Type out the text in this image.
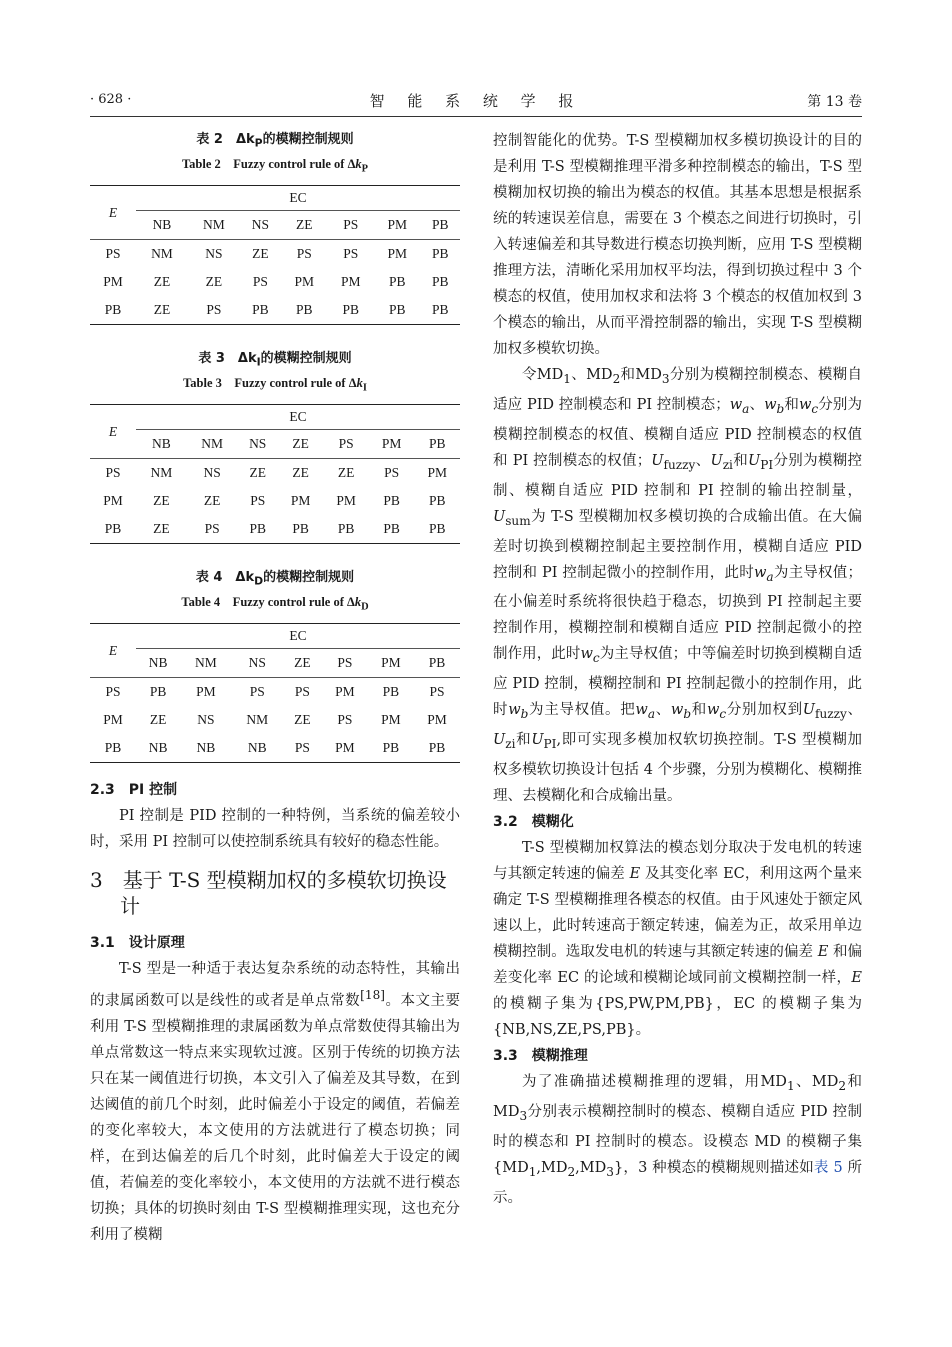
· 628 ·	智 能 系 统 学 报	第 13 卷

表 2　$\Delta k_P$的模糊控制规则

Table 2　Fuzzy control rule of $\Delta k_P$

E	EC						
	NB	NM	NS	ZE	PS	PM	PB
PS	NM	NS	ZE	PS	PS	PM	PB
PM	ZE	ZE	PS	PM	PM	PB	PB
PB	ZE	PS	PB	PB	PB	PB	PB

表 3　$\Delta k_I$的模糊控制规则

Table 3　Fuzzy control rule of $\Delta k_I$

E	EC						
	NB	NM	NS	ZE	PS	PM	PB
PS	NM	NS	ZE	ZE	ZE	PS	PM
PM	ZE	ZE	PS	PM	PM	PB	PB
PB	ZE	PS	PB	PB	PB	PB	PB

表 4　$\Delta k_D$的模糊控制规则

Table 4　Fuzzy control rule of $\Delta k_D$

E	EC						
	NB	NM	NS	ZE	PS	PM	PB
PS	PB	PM	PS	PS	PM	PB	PS
PM	ZE	NS	NM	ZE	PS	PM	PM
PB	NB	NB	NB	PS	PM	PB	PB

2.3　PI 控制

PI 控制是 PID 控制的一种特例，当系统的偏差较小时，采用 PI 控制可以使控制系统具有较好的稳态性能。

3　基于 T-S 型模糊加权的多模软切换设计

3.1　设计原理

T-S 型是一种适于表达复杂系统的动态特性，其输出的隶属函数可以是线性的或者是单点常数[18]。本文主要利用 T-S 型模糊推理的隶属函数为单点常数使得其输出为单点常数这一特点来实现软过渡。区别于传统的切换方法只在某一阈值进行切换，本文引入了偏差及其导数，在到达阈值的前几个时刻，此时偏差小于设定的阈值，若偏差的变化率较大，本文使用的方法就进行了模态切换；同样，在到达偏差的后几个时刻，此时偏差大于设定的阈值，若偏差的变化率较小，本文使用的方法就不进行模态切换；具体的切换时刻由 T-S 型模糊推理实现，这也充分利用了模糊

控制智能化的优势。T-S 型模糊加权多模切换设计的目的是利用 T-S 型模糊推理平滑多种控制模态的输出，T-S 型模糊加权切换的输出为模态的权值。其基本思想是根据系统的转速误差信息，需要在 3 个模态之间进行切换时，引入转速偏差和其导数进行模态切换判断，应用 T-S 型模糊推理方法，清晰化采用加权平均法，得到切换过程中 3 个模态的权值，使用加权求和法将 3 个模态的权值加权到 3 个模态的输出，从而平滑控制器的输出，实现 T-S 型模糊加权多模软切换。

令$MD_1$、$MD_2$和$MD_3$分别为模糊控制模态、模糊自适应 PID 控制模态和 PI 控制模态；$w_a$、$w_b$和$w_c$分别为模糊控制模态的权值、模糊自适应 PID 控制模态的权值和 PI 控制模态的权值；$U_{fuzzy}$、$U_{zi}$和$U_{PI}$分别为模糊控制、模糊自适应 PID 控制和 PI 控制的输出控制量，$U_{sum}$为 T-S 型模糊加权多模切换的合成输出值。在大偏差时切换到模糊控制起主要控制作用，模糊自适应 PID 控制和 PI 控制起微小的控制作用，此时$w_a$为主导权值；在小偏差时系统将很快趋于稳态，切换到 PI 控制起主要控制作用，模糊控制和模糊自适应 PID 控制起微小的控制作用，此时$w_c$为主导权值；中等偏差时切换到模糊自适应 PID 控制，模糊控制和 PI 控制起微小的控制作用，此时$w_b$为主导权值。把$w_a$、$w_b$和$w_c$分别加权到$U_{fuzzy}$、$U_{zi}$和$U_{PI}$,即可实现多模加权软切换控制。T-S 型模糊加权多模软切换设计包括 4 个步骤，分别为模糊化、模糊推理、去模糊化和合成输出量。

3.2　模糊化

T-S 型模糊加权算法的模态划分取决于发电机的转速与其额定转速的偏差 E 及其变化率 EC，利用这两个量来确定 T-S 型模糊推理各模态的权值。由于风速处于额定风速以上，此时转速高于额定转速，偏差为正，故采用单边模糊控制。选取发电机的转速与其额定转速的偏差 E 和偏差变化率 EC 的论域和模糊论域同前文模糊控制一样，E 的模糊子集为{PS,PW,PM,PB}，EC 的模糊子集为{NB,NS,ZE,PS,PB}。

3.3　模糊推理

为了准确描述模糊推理的逻辑，用$MD_1$、$MD_2$和$MD_3$分别表示模糊控制时的模态、模糊自适应 PID 控制时的模态和 PI 控制时的模态。设模态 MD 的模糊子集$\{MD_1,MD_2,MD_3\}$，3 种模态的模糊规则描述如表 5 所示。
